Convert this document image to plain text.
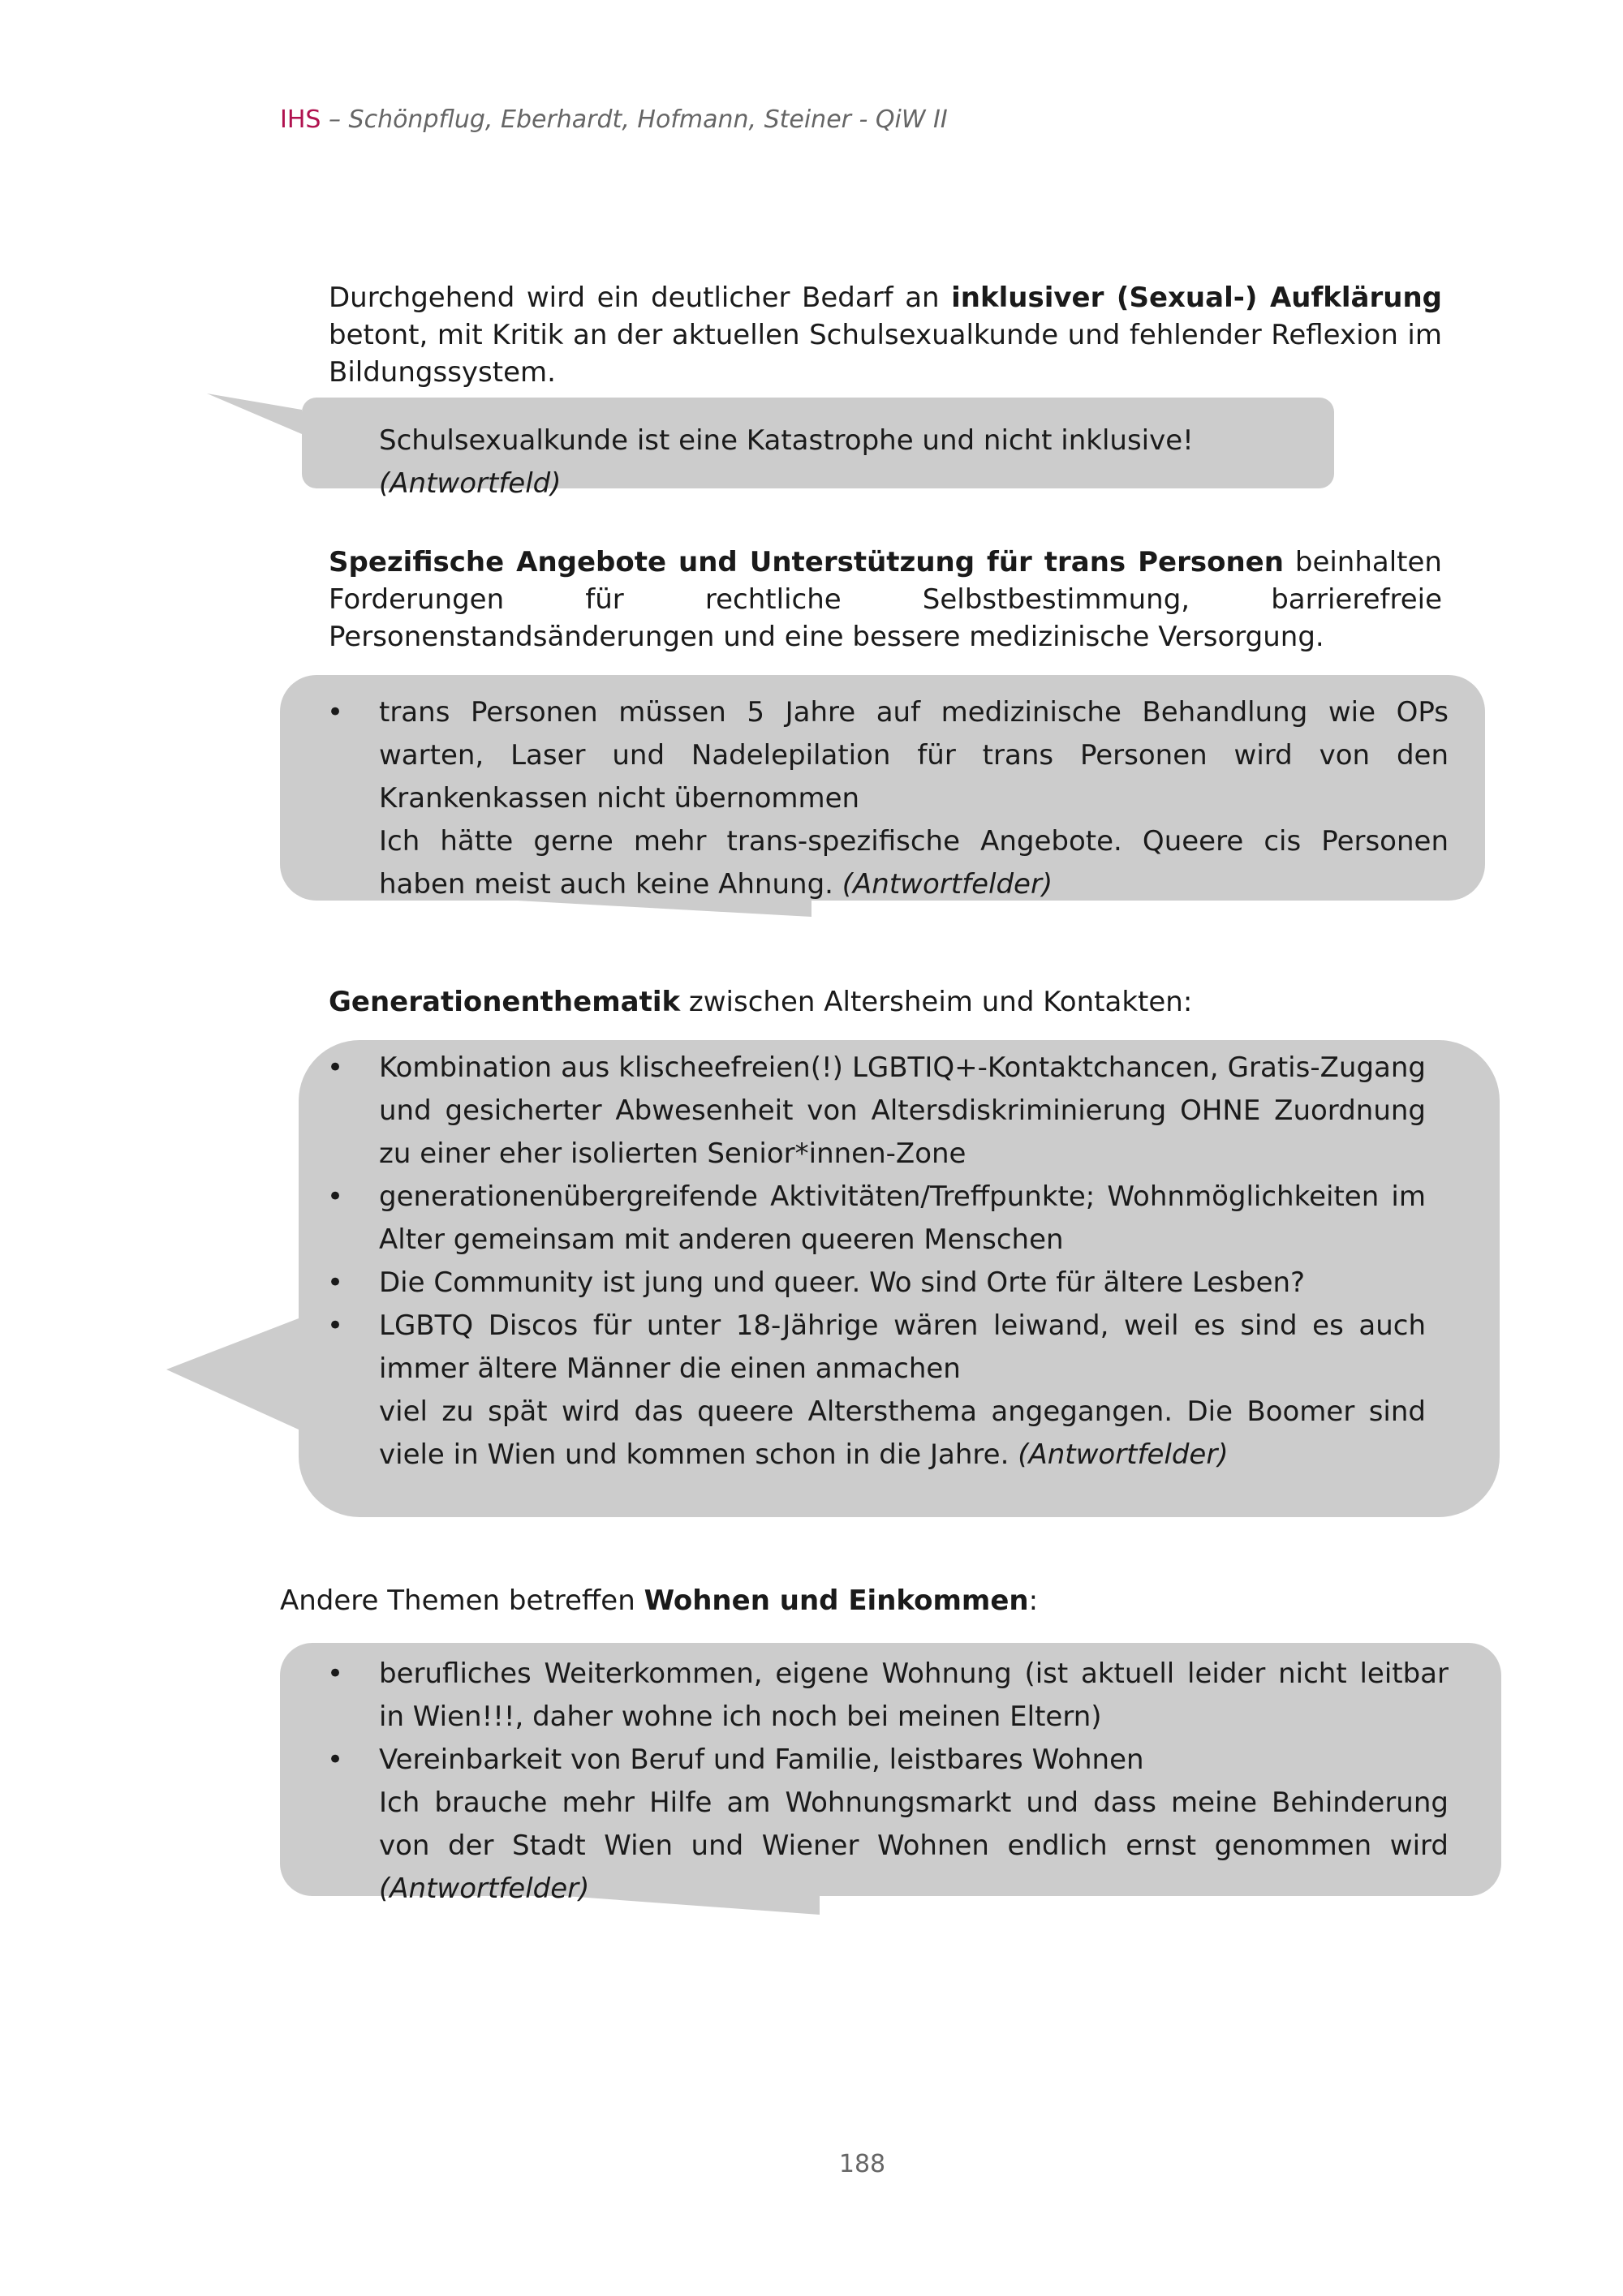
IHS – Schönpflug, Eberhardt, Hofmann, Steiner - QiW II
Durchgehend wird ein deutlicher Bedarf an inklusiver (Sexual-) Aufklärung betont, mit Kritik an der aktuellen Schulsexualkunde und fehlender Reflexion im Bildungssystem.
Schulsexualkunde ist eine Katastrophe und nicht inklusive! (Antwortfeld)
Spezifische Angebote und Unterstützung für trans Personen beinhalten Forderungen für rechtliche Selbstbestimmung, barrierefreie Personenstandsänderungen und eine bessere medizinische Versorgung.
• trans Personen müssen 5 Jahre auf medizinische Behandlung wie OPs warten, Laser und Nadelepilation für trans Personen wird von den Krankenkassen nicht übernommen
Ich hätte gerne mehr trans-spezifische Angebote. Queere cis Personen haben meist auch keine Ahnung. (Antwortfelder)
Generationenthematik zwischen Altersheim und Kontakten:
• Kombination aus klischeefreien(!) LGBTIQ+-Kontaktchancen, Gratis-Zugang und gesicherter Abwesenheit von Altersdiskriminierung OHNE Zuordnung zu einer eher isolierten Senior*innen-Zone
• generationenübergreifende Aktivitäten/Treffpunkte; Wohnmöglichkeiten im Alter gemeinsam mit anderen queeren Menschen
• Die Community ist jung und queer. Wo sind Orte für ältere Lesben?
• LGBTQ Discos für unter 18-Jährige wären leiwand, weil es sind es auch immer ältere Männer die einen anmachen
viel zu spät wird das queere Altersthema angegangen. Die Boomer sind viele in Wien und kommen schon in die Jahre. (Antwortfelder)
Andere Themen betreffen Wohnen und Einkommen:
• berufliches Weiterkommen, eigene Wohnung (ist aktuell leider nicht leitbar in Wien!!!, daher wohne ich noch bei meinen Eltern)
• Vereinbarkeit von Beruf und Familie, leistbares Wohnen
Ich brauche mehr Hilfe am Wohnungsmarkt und dass meine Behinderung von der Stadt Wien und Wiener Wohnen endlich ernst genommen wird (Antwortfelder)
188
